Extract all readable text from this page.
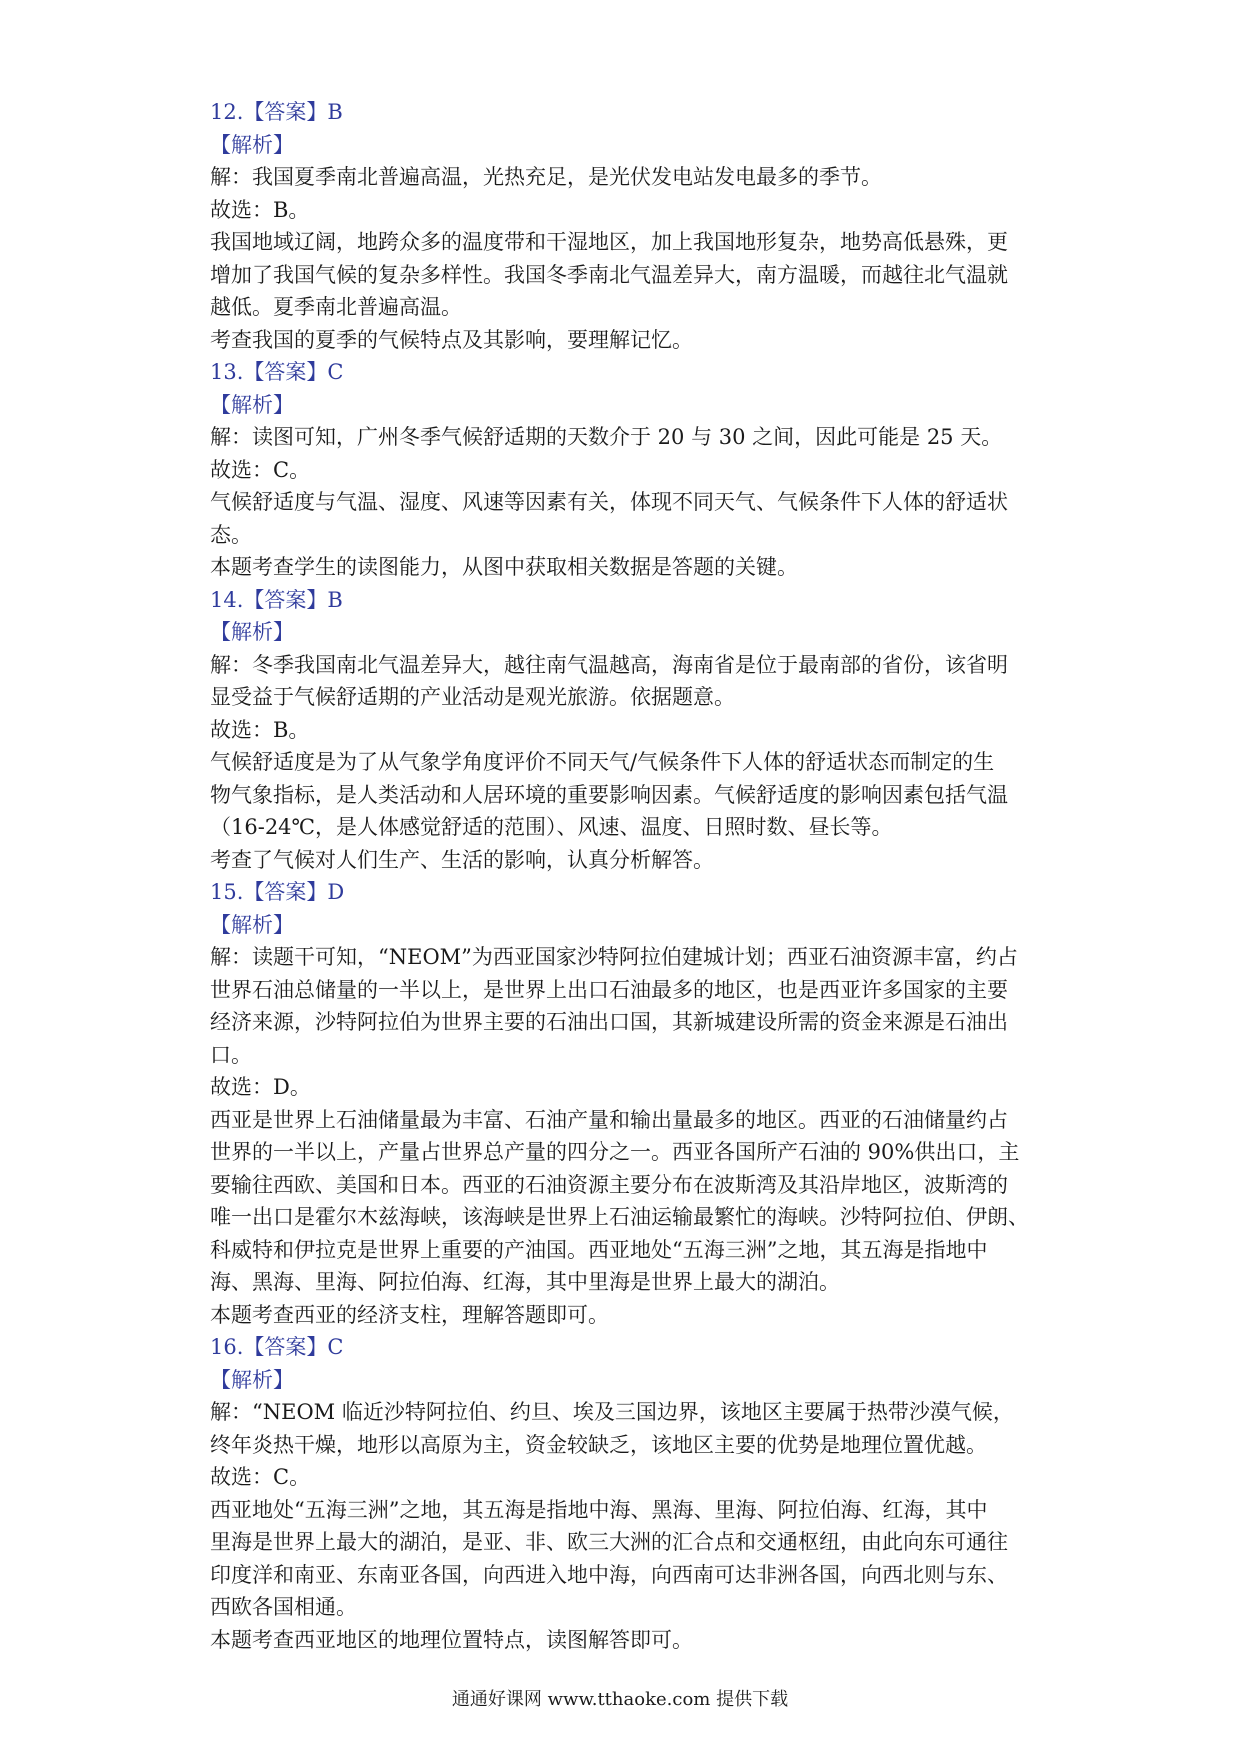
12.【答案】B

【解析】

解：我国夏季南北普遍高温，光热充足，是光伏发电站发电最多的季节。

故选：B。

我国地域辽阔，地跨众多的温度带和干湿地区，加上我国地形复杂，地势高低悬殊，更

增加了我国气候的复杂多样性。我国冬季南北气温差异大，南方温暖，而越往北气温就

越低。夏季南北普遍高温。

考查我国的夏季的气候特点及其影响，要理解记忆。

13.【答案】C

【解析】

解：读图可知，广州冬季气候舒适期的天数介于 20 与 30 之间，因此可能是 25 天。

故选：C。

气候舒适度与气温、湿度、风速等因素有关，体现不同天气、气候条件下人体的舒适状

态。

本题考查学生的读图能力，从图中获取相关数据是答题的关键。

14.【答案】B

【解析】

解：冬季我国南北气温差异大，越往南气温越高，海南省是位于最南部的省份，该省明

显受益于气候舒适期的产业活动是观光旅游。依据题意。

故选：B。

气候舒适度是为了从气象学角度评价不同天气/气候条件下人体的舒适状态而制定的生

物气象指标，是人类活动和人居环境的重要影响因素。气候舒适度的影响因素包括气温

（16-24℃，是人体感觉舒适的范围）、风速、温度、日照时数、昼长等。

考查了气候对人们生产、生活的影响，认真分析解答。

15.【答案】D

【解析】

解：读题干可知，“NEOM”为西亚国家沙特阿拉伯建城计划；西亚石油资源丰富，约占

世界石油总储量的一半以上，是世界上出口石油最多的地区，也是西亚许多国家的主要

经济来源，沙特阿拉伯为世界主要的石油出口国，其新城建设所需的资金来源是石油出

口。

故选：D。

西亚是世界上石油储量最为丰富、石油产量和输出量最多的地区。西亚的石油储量约占

世界的一半以上，产量占世界总产量的四分之一。西亚各国所产石油的 90%供出口，主

要输往西欧、美国和日本。西亚的石油资源主要分布在波斯湾及其沿岸地区，波斯湾的

唯一出口是霍尔木兹海峡，该海峡是世界上石油运输最繁忙的海峡。沙特阿拉伯、伊朗、

科威特和伊拉克是世界上重要的产油国。西亚地处“五海三洲”之地，其五海是指地中

海、黑海、里海、阿拉伯海、红海，其中里海是世界上最大的湖泊。

本题考查西亚的经济支柱，理解答题即可。

16.【答案】C

【解析】

解：“NEOM 临近沙特阿拉伯、约旦、埃及三国边界，该地区主要属于热带沙漠气候，

终年炎热干燥，地形以高原为主，资金较缺乏，该地区主要的优势是地理位置优越。

故选：C。

西亚地处“五海三洲”之地，其五海是指地中海、黑海、里海、阿拉伯海、红海，其中

里海是世界上最大的湖泊，是亚、非、欧三大洲的汇合点和交通枢纽，由此向东可通往

印度洋和南亚、东南亚各国，向西进入地中海，向西南可达非洲各国，向西北则与东、

西欧各国相通。

本题考查西亚地区的地理位置特点，读图解答即可。

通通好课网 www.tthaoke.com 提供下载
